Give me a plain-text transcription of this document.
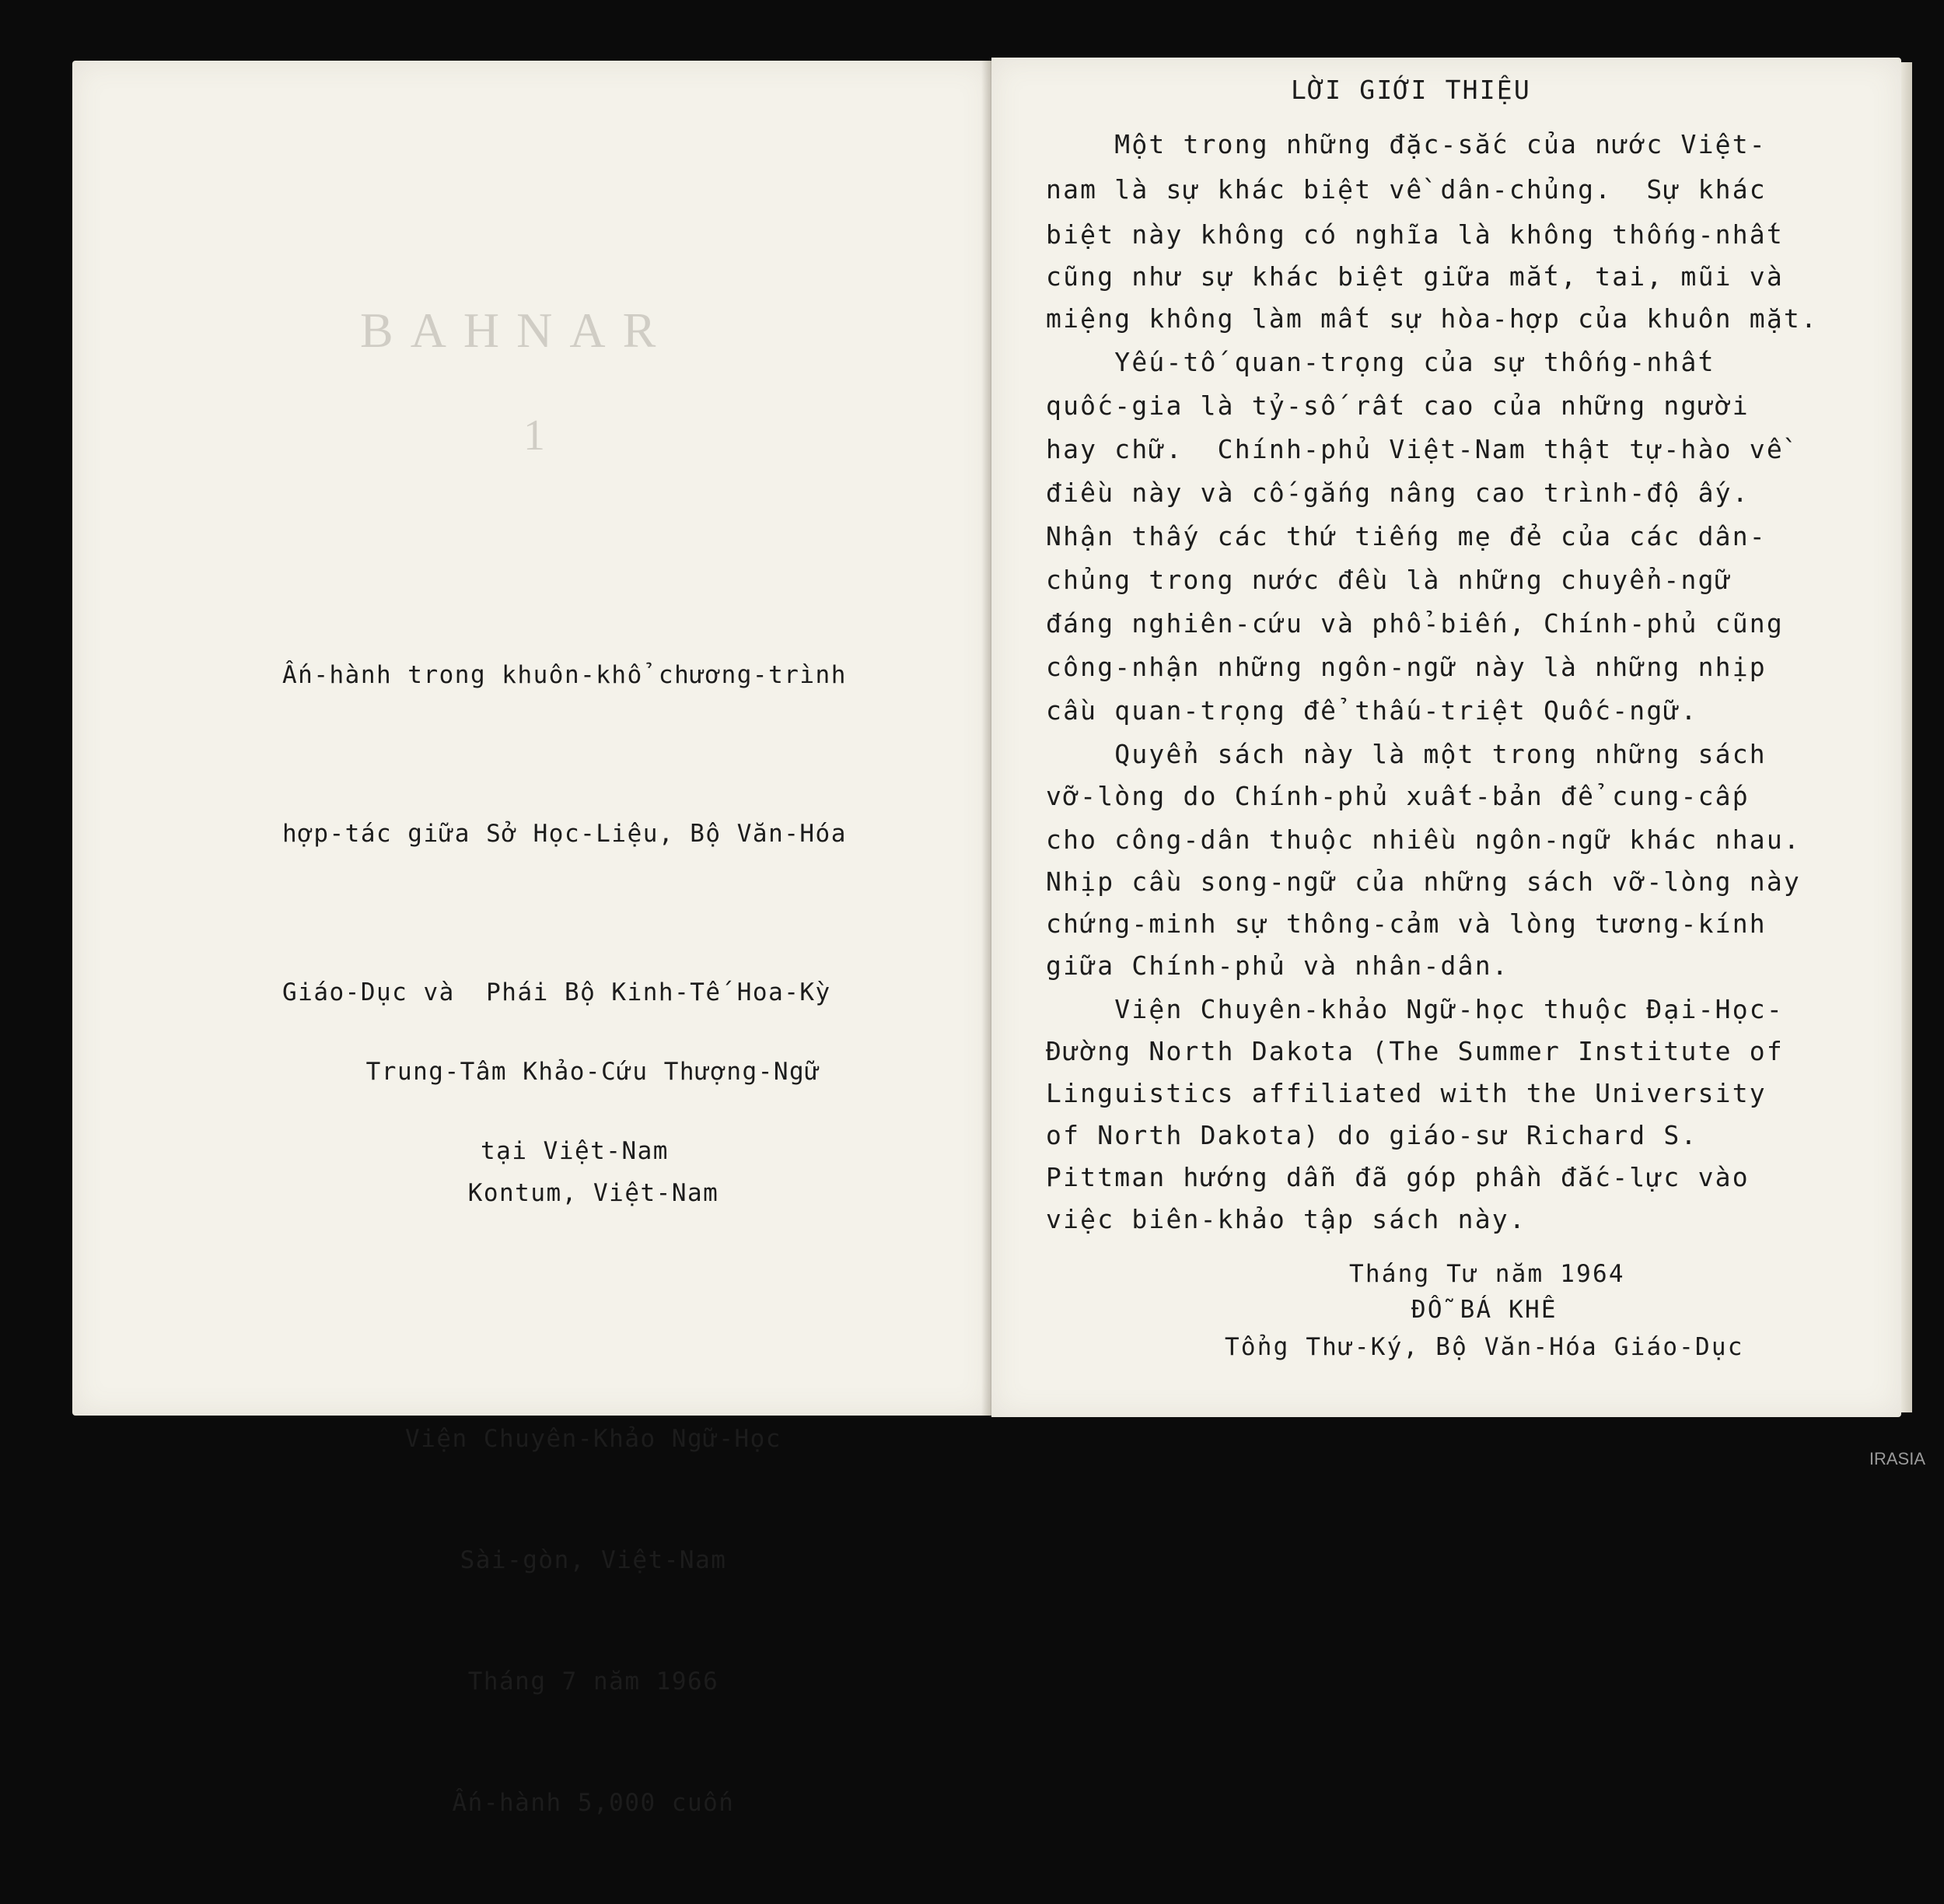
BAHNAR
1

Ấn-hành trong khuôn-khổ chương-trình

hợp-tác giữa Sở Học-Liệu, Bộ Văn-Hóa

Giáo-Dục và  Phái Bộ Kinh-Tế Hoa-Kỳ

tại Việt-Nam

Trung-Tâm Khảo-Cứu Thượng-Ngữ

Kontum, Việt-Nam

Viện Chuyên-Khảo Ngữ-Học

Sài-gòn, Việt-Nam

Tháng 7 năm 1966

Ấn-hành 5,000 cuốn

LỜI GIỚI THIỆU
Một trong những đặc-sắc của nước Việt-
nam là sự khác biệt về dân-chủng.  Sự khác
biệt này không có nghĩa là không thống-nhất
cũng như sự khác biệt giữa mắt, tai, mũi và
miệng không làm mất sự hòa-hợp của khuôn mặt.
Yếu-tố quan-trọng của sự thống-nhất
quốc-gia là tỷ-số rất cao của những người
hay chữ.  Chính-phủ Việt-Nam thật tự-hào về
điều này và cố-gắng nâng cao trình-độ ấy.
Nhận thấy các thứ tiếng mẹ đẻ của các dân-
chủng trong nước đều là những chuyển-ngữ
đáng nghiên-cứu và phổ-biến, Chính-phủ cũng
công-nhận những ngôn-ngữ này là những nhịp
cầu quan-trọng để thấu-triệt Quốc-ngữ.
Quyển sách này là một trong những sách
vỡ-lòng do Chính-phủ xuất-bản để cung-cấp
cho công-dân thuộc nhiều ngôn-ngữ khác nhau.
Nhịp cầu song-ngữ của những sách vỡ-lòng này
chứng-minh sự thông-cảm và lòng tương-kính
giữa Chính-phủ và nhân-dân.
Viện Chuyên-khảo Ngữ-học thuộc Đại-Học-
Đường North Dakota (The Summer Institute of
Linguistics affiliated with the University
of North Dakota) do giáo-sư Richard S.
Pittman hướng dẫn đã góp phần đắc-lực vào
việc biên-khảo tập sách này.
Tháng Tư năm 1964
ĐỖ BÁ KHÊ
Tổng Thư-Ký, Bộ Văn-Hóa Giáo-Dục
IRASIA
